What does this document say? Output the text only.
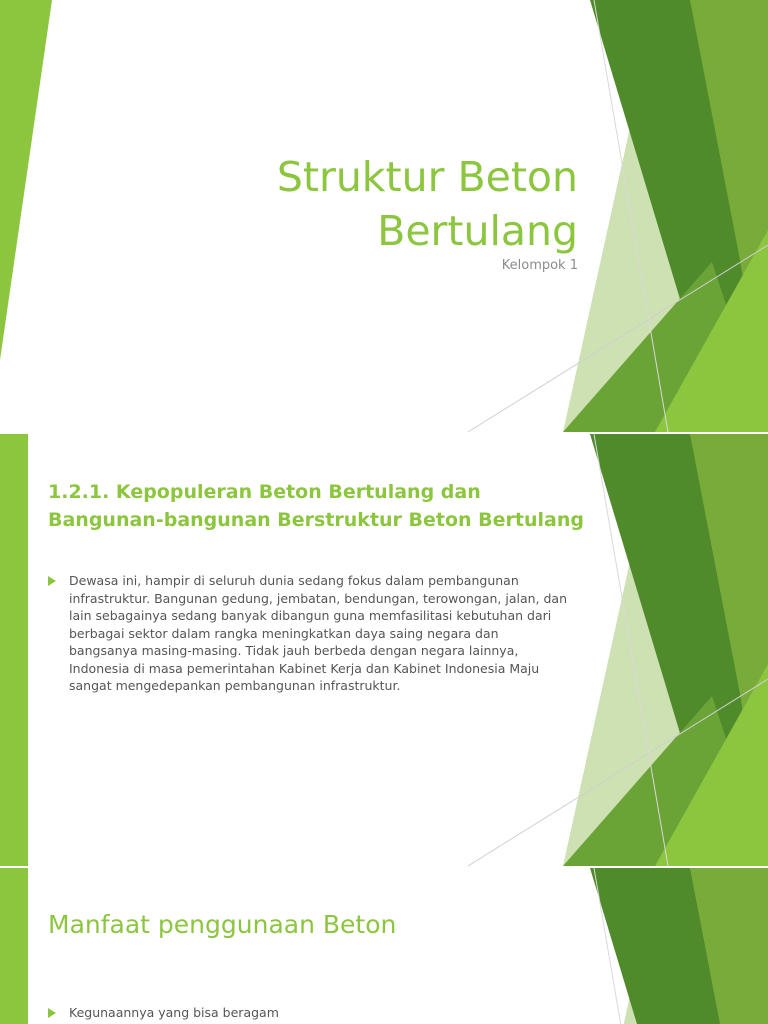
Struktur Beton
Bertulang

Kelompok 1

1.2.1. Kepopuleran Beton Bertulang dan
Bangunan-bangunan Berstruktur Beton Bertulang
Dewasa ini, hampir di seluruh dunia sedang fokus dalam pembangunan infrastruktur. Bangunan gedung, jembatan, bendungan, terowongan, jalan, dan lain sebagainya sedang banyak dibangun guna memfasilitasi kebutuhan dari berbagai sektor dalam rangka meningkatkan daya saing negara dan bangsanya masing-masing. Tidak jauh berbeda dengan negara lainnya, Indonesia di masa pemerintahan Kabinet Kerja dan Kabinet Indonesia Maju sangat mengedepankan pembangunan infrastruktur.
Manfaat penggunaan Beton
Kegunaannya yang bisa beragam
